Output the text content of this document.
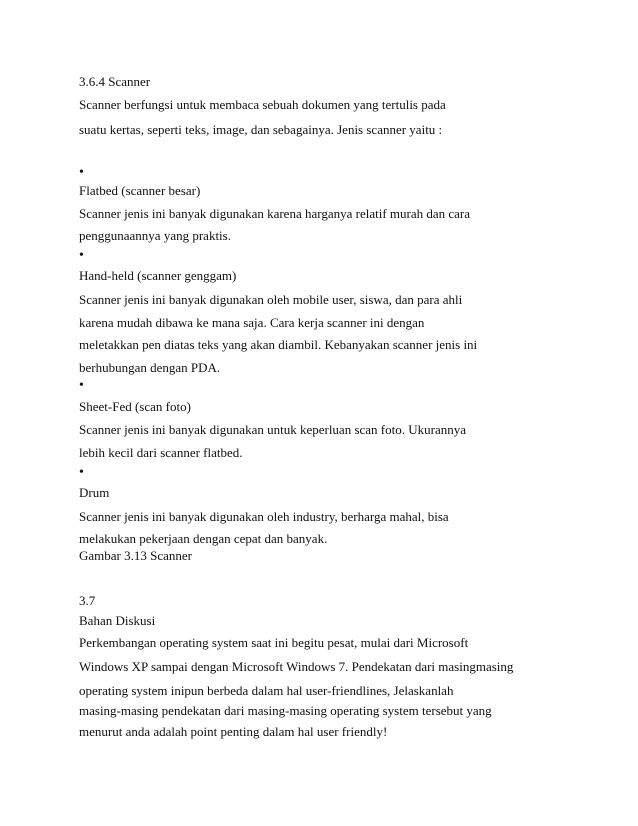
3.6.4 Scanner
Scanner berfungsi untuk membaca sebuah dokumen yang tertulis pada
suatu kertas, seperti teks, image, dan sebagainya. Jenis scanner yaitu :
•
Flatbed (scanner besar)
Scanner jenis ini banyak digunakan karena harganya relatif murah dan cara
penggunaannya yang praktis.
•
Hand-held (scanner genggam)
Scanner jenis ini banyak digunakan oleh mobile user, siswa, dan para ahli
karena mudah dibawa ke mana saja. Cara kerja scanner ini dengan
meletakkan pen diatas teks yang akan diambil. Kebanyakan scanner jenis ini
berhubungan dengan PDA.
•
Sheet-Fed (scan foto)
Scanner jenis ini banyak digunakan untuk keperluan scan foto. Ukurannya
lebih kecil dari scanner flatbed.
•
Drum
Scanner jenis ini banyak digunakan oleh industry, berharga mahal, bisa
melakukan pekerjaan dengan cepat dan banyak.
Gambar 3.13 Scanner
3.7
Bahan Diskusi
Perkembangan operating system saat ini begitu pesat, mulai dari Microsoft
Windows XP sampai dengan Microsoft Windows 7. Pendekatan dari masingmasing
operating system inipun berbeda dalam hal user-friendlines, Jelaskanlah
masing-masing pendekatan dari masing-masing operating system tersebut yang
menurut anda adalah point penting dalam hal user friendly!
